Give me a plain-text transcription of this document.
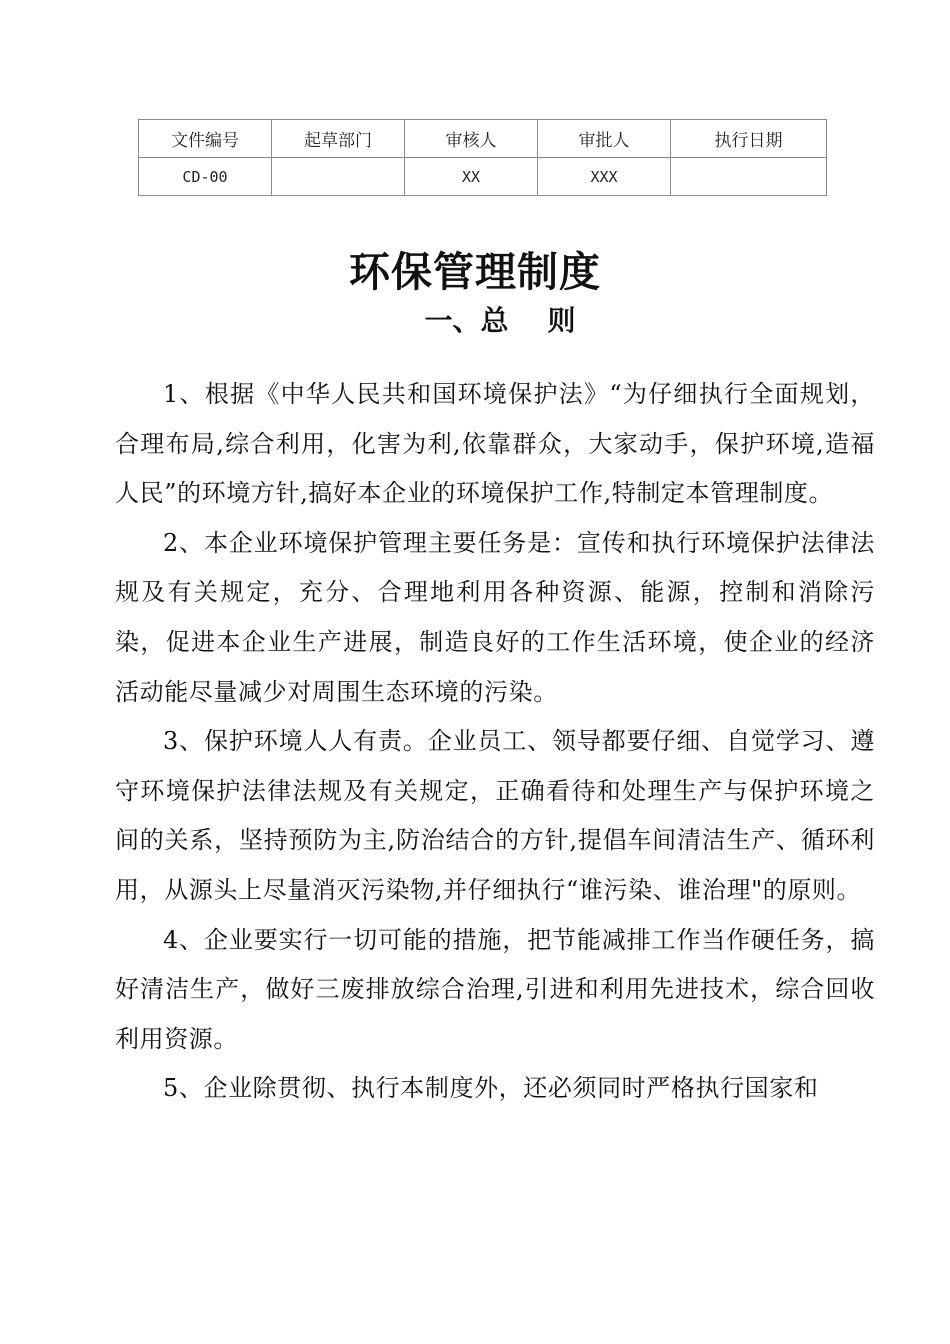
文件编号	起草部门	审核人	审批人	执行日期
CD-00		XX	XXX	
环保管理制度
一、总    则

1、根据《中华人民共和国环境保护法》“为仔细执行全面规划，合理布局,综合利用，化害为利,依靠群众，大家动手，保护环境,造福人民”的环境方针,搞好本企业的环境保护工作,特制定本管理制度。

2、本企业环境保护管理主要任务是：宣传和执行环境保护法律法规及有关规定，充分、合理地利用各种资源、能源，控制和消除污染，促进本企业生产进展，制造良好的工作生活环境，使企业的经济活动能尽量减少对周围生态环境的污染。

3、保护环境人人有责。企业员工、领导都要仔细、自觉学习、遵守环境保护法律法规及有关规定，正确看待和处理生产与保护环境之间的关系，坚持预防为主,防治结合的方针,提倡车间清洁生产、循环利用，从源头上尽量消灭污染物,并仔细执行“谁污染、谁治理"的原则。

4、企业要实行一切可能的措施，把节能减排工作当作硬任务，搞好清洁生产，做好三废排放综合治理,引进和利用先进技术，综合回收利用资源。

5、企业除贯彻、执行本制度外，还必须同时严格执行国家和
